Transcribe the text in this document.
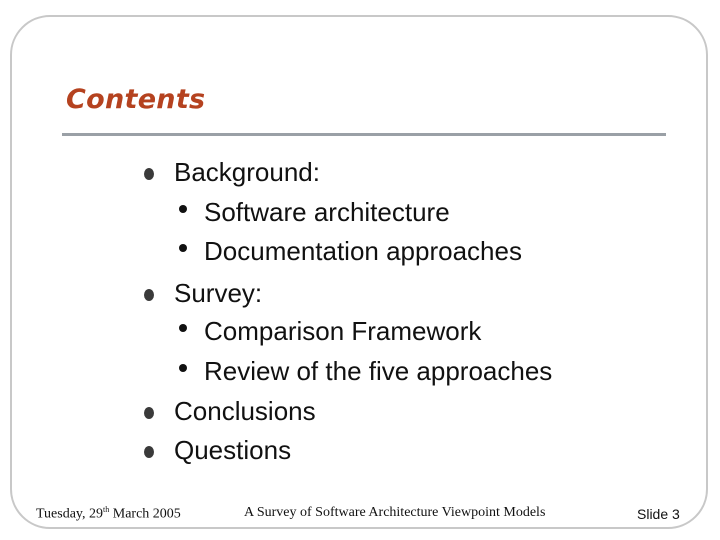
Contents
Background:
Software architecture
Documentation approaches
Survey:
Comparison Framework
Review of the five approaches
Conclusions
Questions
Tuesday, 29th March 2005	A Survey of Software Architecture Viewpoint Models	Slide 3
